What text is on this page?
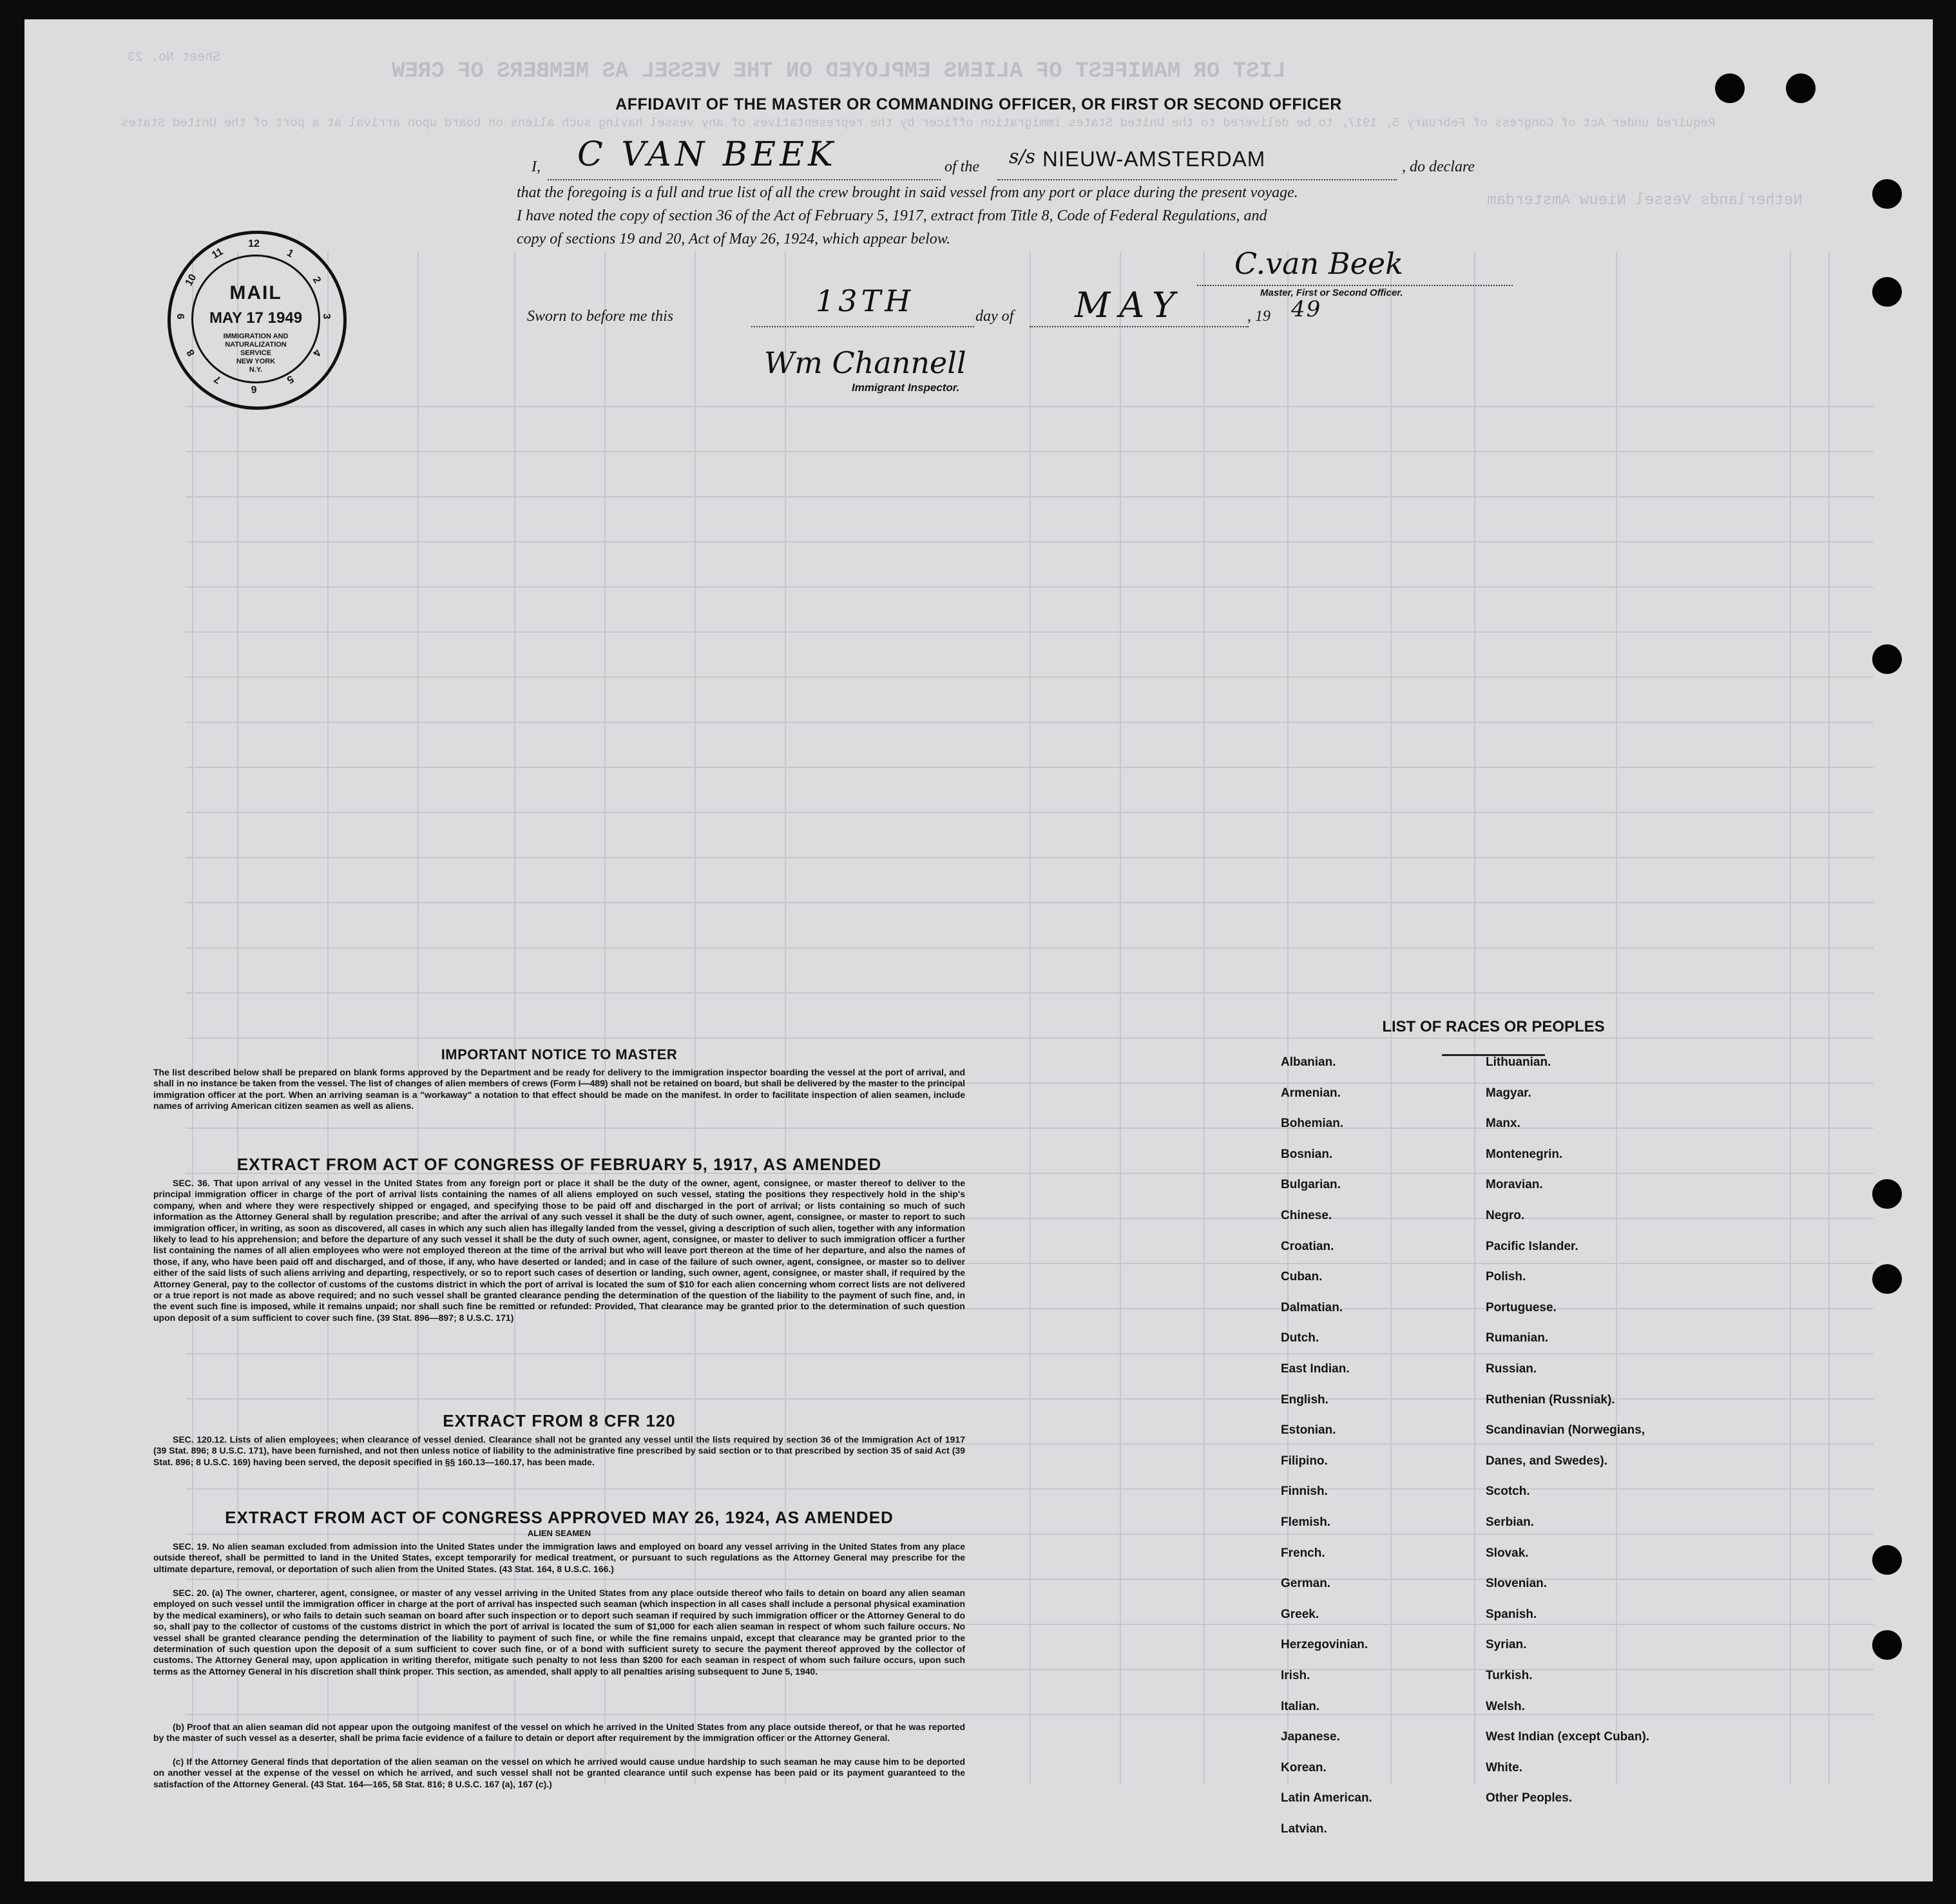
LIST OR MANIFEST OF ALIENS EMPLOYED ON THE VESSEL AS MEMBERS OF CREW
Required under Act of Congress of February 5, 1917, to be delivered to the United States immigration officer by the representatives of any vessel having such aliens on board upon arrival at a port of the United States
Netherlands Vessel Nieuw Amsterdam
Sheet No. 23
AFFIDAVIT OF THE MASTER OR COMMANDING OFFICER, OR FIRST OR SECOND OFFICER
I, C VAN BEEK	of the s/s NIEUW-AMSTERDAM	, do declare
that the foregoing is a full and true list of all the crew brought in said vessel from any port or place during the present voyage.
I have noted the copy of section 36 of the Act of February 5, 1917, extract from Title 8, Code of Federal Regulations, and
copy of sections 19 and 20, Act of May 26, 1924, which appear below.
C.van Beek
Master, First or Second Officer.
Sworn to before me this	13TH	day of MAY	, 19 49
Wm Channell
Immigrant Inspector.
MAIL
MAY 17 1949
IMMIGRATION AND
NATURALIZATION
SERVICE
NEW YORK
N.Y.
12
1
2
3
4
5
6
7
8
9
10
11
IMPORTANT NOTICE TO MASTER
The list described below shall be prepared on blank forms approved by the Department and be ready for delivery to the immigration inspector boarding the vessel at the port of arrival, and shall in no instance be taken from the vessel. The list of changes of alien members of crews (Form I—489) shall not be retained on board, but shall be delivered by the master to the principal immigration officer at the port. When an arriving seaman is a "workaway" a notation to that effect should be made on the manifest. In order to facilitate inspection of alien seamen, include names of arriving American citizen seamen as well as aliens.
EXTRACT FROM ACT OF CONGRESS OF FEBRUARY 5, 1917, AS AMENDED
SEC. 36. That upon arrival of any vessel in the United States from any foreign port or place it shall be the duty of the owner, agent, consignee, or master thereof to deliver to the principal immigration officer in charge of the port of arrival lists containing the names of all aliens employed on such vessel, stating the positions they respectively hold in the ship's company, when and where they were respectively shipped or engaged, and specifying those to be paid off and discharged in the port of arrival; or lists containing so much of such information as the Attorney General shall by regulation prescribe; and after the arrival of any such vessel it shall be the duty of such owner, agent, consignee, or master to report to such immigration officer, in writing, as soon as discovered, all cases in which any such alien has illegally landed from the vessel, giving a description of such alien, together with any information likely to lead to his apprehension; and before the departure of any such vessel it shall be the duty of such owner, agent, consignee, or master to deliver to such immigration officer a further list containing the names of all alien employees who were not employed thereon at the time of the arrival but who will leave port thereon at the time of her departure, and also the names of those, if any, who have been paid off and discharged, and of those, if any, who have deserted or landed; and in case of the failure of such owner, agent, consignee, or master so to deliver either of the said lists of such aliens arriving and departing, respectively, or so to report such cases of desertion or landing, such owner, agent, consignee, or master shall, if required by the Attorney General, pay to the collector of customs of the customs district in which the port of arrival is located the sum of $10 for each alien concerning whom correct lists are not delivered or a true report is not made as above required; and no such vessel shall be granted clearance pending the determination of the question of the liability to the payment of such fine, and, in the event such fine is imposed, while it remains unpaid; nor shall such fine be remitted or refunded: Provided, That clearance may be granted prior to the determination of such question upon deposit of a sum sufficient to cover such fine. (39 Stat. 896—897; 8 U.S.C. 171)
EXTRACT FROM 8 CFR 120
SEC. 120.12. Lists of alien employees; when clearance of vessel denied. Clearance shall not be granted any vessel until the lists required by section 36 of the Immigration Act of 1917 (39 Stat. 896; 8 U.S.C. 171), have been furnished, and not then unless notice of liability to the administrative fine prescribed by said section or to that prescribed by section 35 of said Act (39 Stat. 896; 8 U.S.C. 169) having been served, the deposit specified in §§ 160.13—160.17, has been made.
EXTRACT FROM ACT OF CONGRESS APPROVED MAY 26, 1924, AS AMENDED
ALIEN SEAMEN
SEC. 19. No alien seaman excluded from admission into the United States under the immigration laws and employed on board any vessel arriving in the United States from any place outside thereof, shall be permitted to land in the United States, except temporarily for medical treatment, or pursuant to such regulations as the Attorney General may prescribe for the ultimate departure, removal, or deportation of such alien from the United States. (43 Stat. 164, 8 U.S.C. 166.)
SEC. 20. (a) The owner, charterer, agent, consignee, or master of any vessel arriving in the United States from any place outside thereof who fails to detain on board any alien seaman employed on such vessel until the immigration officer in charge at the port of arrival has inspected such seaman (which inspection in all cases shall include a personal physical examination by the medical examiners), or who fails to detain such seaman on board after such inspection or to deport such seaman if required by such immigration officer or the Attorney General to do so, shall pay to the collector of customs of the customs district in which the port of arrival is located the sum of $1,000 for each alien seaman in respect of whom such failure occurs. No vessel shall be granted clearance pending the determination of the liability to payment of such fine, or while the fine remains unpaid, except that clearance may be granted prior to the determination of such question upon the deposit of a sum sufficient to cover such fine, or of a bond with sufficient surety to secure the payment thereof approved by the collector of customs. The Attorney General may, upon application in writing therefor, mitigate such penalty to not less than $200 for each seaman in respect of whom such failure occurs, upon such terms as the Attorney General in his discretion shall think proper. This section, as amended, shall apply to all penalties arising subsequent to June 5, 1940.
(b) Proof that an alien seaman did not appear upon the outgoing manifest of the vessel on which he arrived in the United States from any place outside thereof, or that he was reported by the master of such vessel as a deserter, shall be prima facie evidence of a failure to detain or deport after requirement by the immigration officer or the Attorney General.
(c) If the Attorney General finds that deportation of the alien seaman on the vessel on which he arrived would cause undue hardship to such seaman he may cause him to be deported on another vessel at the expense of the vessel on which he arrived, and such vessel shall not be granted clearance until such expense has been paid or its payment guaranteed to the satisfaction of the Attorney General. (43 Stat. 164—165, 58 Stat. 816; 8 U.S.C. 167 (a), 167 (c).)
LIST OF RACES OR PEOPLES
Albanian.
Armenian.
Bohemian.
Bosnian.
Bulgarian.
Chinese.
Croatian.
Cuban.
Dalmatian.
Dutch.
East Indian.
English.
Estonian.
Filipino.
Finnish.
Flemish.
French.
German.
Greek.
Herzegovinian.
Irish.
Italian.
Japanese.
Korean.
Latin American.
Latvian.
Lithuanian.
Magyar.
Manx.
Montenegrin.
Moravian.
Negro.
Pacific Islander.
Polish.
Portuguese.
Rumanian.
Russian.
Ruthenian (Russniak).
Scandinavian (Norwegians,
Danes, and Swedes).
Scotch.
Serbian.
Slovak.
Slovenian.
Spanish.
Syrian.
Turkish.
Welsh.
West Indian (except Cuban).
White.
Other Peoples.
